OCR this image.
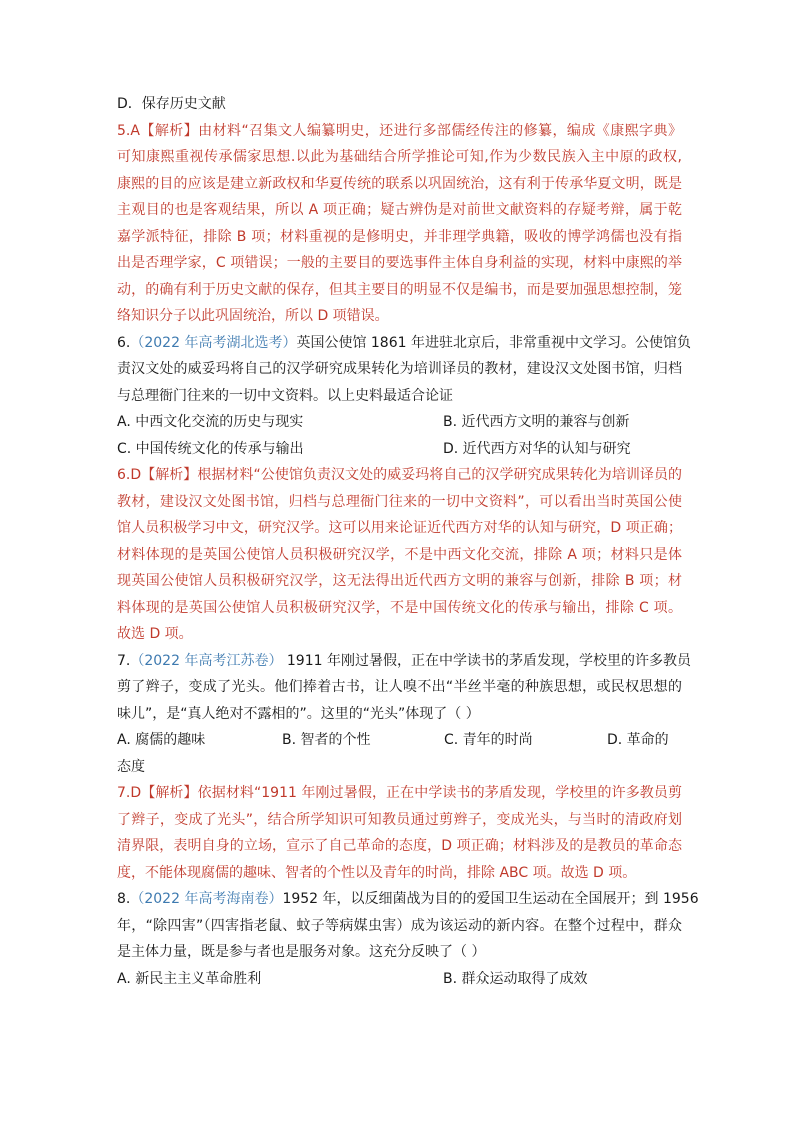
D．保存历史文献
5.A【解析】由材料“召集文人编纂明史，还进行多部儒经传注的修纂，编成《康熙字典》
可知康熙重视传承儒家思想.以此为基础结合所学推论可知,作为少数民族入主中原的政权,
康熙的目的应该是建立新政权和华夏传统的联系以巩固统治，这有利于传承华夏文明，既是
主观目的也是客观结果，所以 A 项正确；疑古辨伪是对前世文献资料的存疑考辩，属于乾
嘉学派特征，排除 B 项；材料重视的是修明史，并非理学典籍，吸收的博学鸿儒也没有指
出是否理学家，C 项错误；一般的主要目的要选事件主体自身利益的实现，材料中康熙的举
动，的确有利于历史文献的保存，但其主要目的明显不仅是编书，而是要加强思想控制，笼
络知识分子以此巩固统治，所以 D 项错误。
6.（2022 年高考湖北选考）英国公使馆 1861 年进驻北京后，非常重视中文学习。公使馆负
责汉文处的威妥玛将自己的汉学研究成果转化为培训译员的教材，建设汉文处图书馆，归档
与总理衙门往来的一切中文资料。以上史料最适合论证
A. 中西文化交流的历史与现实	B. 近代西方文明的兼容与创新
C. 中国传统文化的传承与输出	D. 近代西方对华的认知与研究
6.D【解析】根据材料“公使馆负责汉文处的威妥玛将自己的汉学研究成果转化为培训译员的
教材，建设汉文处图书馆，归档与总理衙门往来的一切中文资料”，可以看出当时英国公使
馆人员积极学习中文，研究汉学。这可以用来论证近代西方对华的认知与研究，D 项正确；
材料体现的是英国公使馆人员积极研究汉学，不是中西文化交流，排除 A 项；材料只是体
现英国公使馆人员积极研究汉学，这无法得出近代西方文明的兼容与创新，排除 B 项；材
料体现的是英国公使馆人员积极研究汉学，不是中国传统文化的传承与输出，排除 C 项。
故选 D 项。
7.（2022 年高考江苏卷） 1911 年刚过暑假，正在中学读书的茅盾发现，学校里的许多教员
剪了辫子，变成了光头。他们捧着古书，让人嗅不出“半丝半毫的种族思想，或民权思想的
味儿”，是“真人绝对不露相的”。这里的“光头”体现了（ ）
A. 腐儒的趣味	B. 智者的个性	C. 青年的时尚	D. 革命的
态度
7.D【解析】依据材料“1911 年刚过暑假，正在中学读书的茅盾发现，学校里的许多教员剪
了辫子，变成了光头”，结合所学知识可知教员通过剪辫子，变成光头，与当时的清政府划
清界限，表明自身的立场，宣示了自己革命的态度，D 项正确；材料涉及的是教员的革命态
度，不能体现腐儒的趣味、智者的个性以及青年的时尚，排除 ABC 项。故选 D 项。
8.（2022 年高考海南卷）1952 年，以反细菌战为目的的爱国卫生运动在全国展开；到 1956
年，“除四害”（四害指老鼠、蚊子等病媒虫害）成为该运动的新内容。在整个过程中，群众
是主体力量，既是参与者也是服务对象。这充分反映了（ ）
A. 新民主主义革命胜利	B. 群众运动取得了成效
